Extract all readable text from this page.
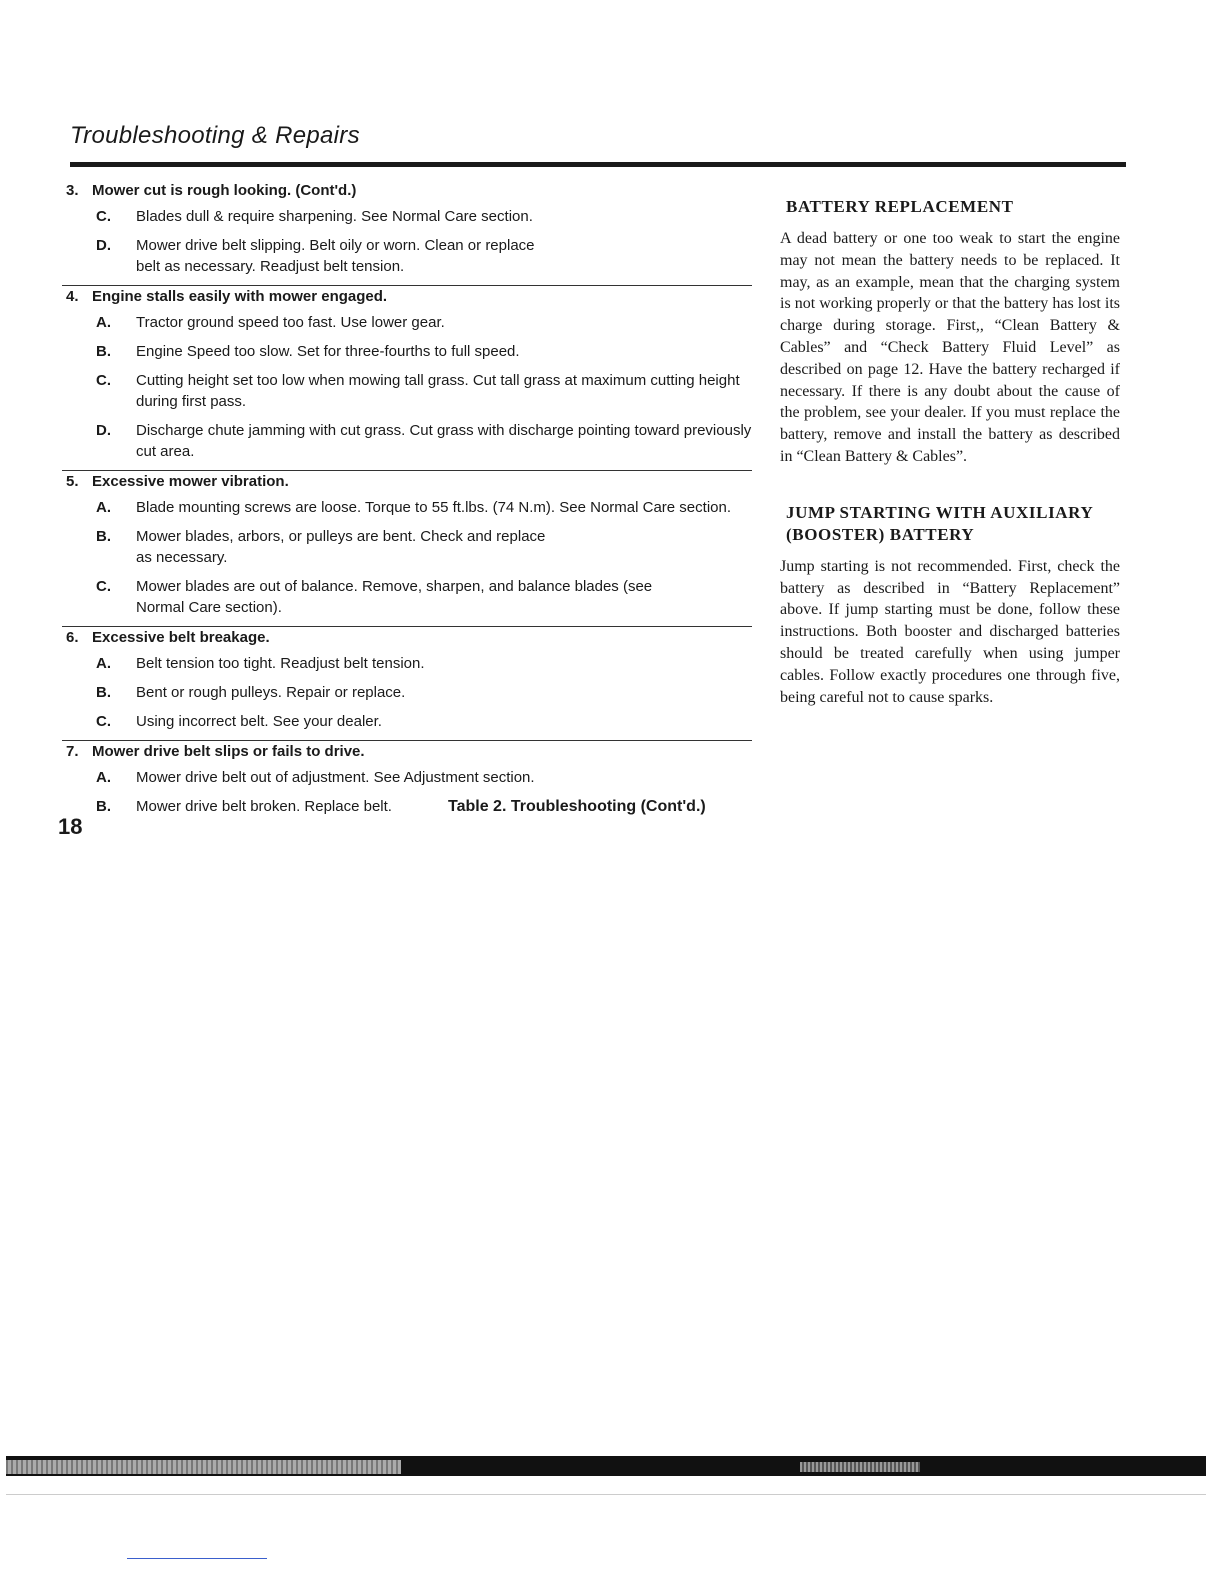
Troubleshooting & Repairs
3. Mower cut is rough looking. (Cont'd.)
C.	Blades dull & require sharpening. See Normal Care section.
D.	Mower drive belt slipping. Belt oily or worn. Clean or replace belt as necessary. Readjust belt tension.
4. Engine stalls easily with mower engaged.
A.	Tractor ground speed too fast. Use lower gear.
B.	Engine Speed too slow. Set for three-fourths to full speed.
C.	Cutting height set too low when mowing tall grass. Cut tall grass at maximum cutting height during first pass.
D.	Discharge chute jamming with cut grass. Cut grass with discharge pointing toward previously cut area.
5. Excessive mower vibration.
A.	Blade mounting screws are loose. Torque to 55 ft.lbs. (74 N.m). See Normal Care section.
B.	Mower blades, arbors, or pulleys are bent. Check and replace as necessary.
C.	Mower blades are out of balance. Remove, sharpen, and balance blades (see Normal Care section).
6. Excessive belt breakage.
A.	Belt tension too tight. Readjust belt tension.
B.	Bent or rough pulleys. Repair or replace.
C.	Using incorrect belt. See your dealer.
7. Mower drive belt slips or fails to drive.
A.	Mower drive belt out of adjustment. See Adjustment section.
B.	Mower drive belt broken. Replace belt.
18
Table 2. Troubleshooting (Cont'd.)
BATTERY REPLACEMENT
A dead battery or one too weak to start the engine may not mean the battery needs to be replaced. It may, as an example, mean that the charging system is not working properly or that the battery has lost its charge during storage. First,, “Clean Battery & Cables” and “Check Battery Fluid Level” as described on page 12. Have the battery recharged if necessary. If there is any doubt about the cause of the problem, see your dealer. If you must replace the battery, remove and install the battery as described in “Clean Battery & Cables”.
JUMP STARTING WITH AUXILIARY (BOOSTER) BATTERY
Jump starting is not recommended. First, check the battery as described in “Battery Replacement” above. If jump starting must be done, follow these instructions. Both booster and discharged batteries should be treated carefully when using jumper cables. Follow exactly procedures one through five, being careful not to cause sparks.
